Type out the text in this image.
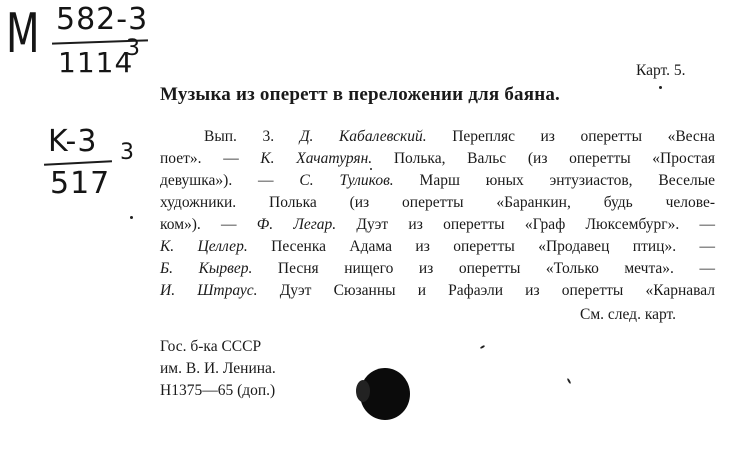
M 582-3
1114
3
K-3 3
517
Карт. 5.
Музыка из оперетт в переложении для баяна.
Вып. 3. Д. Кабалевский. Перепляс из оперетты «Весна
поет». — К. Хачатурян. Полька, Вальс (из оперетты «Простая
девушка»). — С. Туликов. Марш юных энтузиастов, Веселые
художники. Полька (из оперетты «Баранкин, будь челове-
ком»). — Ф. Легар. Дуэт из оперетты «Граф Люксембург». —
К. Целлер. Песенка Адама из оперетты «Продавец птиц». —
Б. Кырвер. Песня нищего из оперетты «Только мечта». —
И. Штраус. Дуэт Сюзанны и Рафаэли из оперетты «Карнавал
См. след. карт.
Гос. б-ка СССР
им. В. И. Ленина.
Н1375—65 (доп.)
